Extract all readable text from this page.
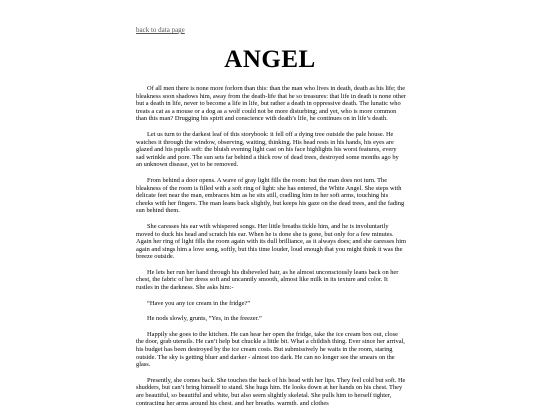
back to data page
ANGEL

Of all men there is none more forlorn than this: than the man who lives in death, death as his life; the bleakness soon shadows him, away from the death-life that he so treasures: that life in death is none other but a death in life, never to become a life in life, but rather a death in oppressive death. The lunatic who treats a cat as a mouse or a dog as a wolf could not be more disturbing; and yet, who is more common than this man? Drugging his spirit and conscience with death’s life, he continues on in life’s death.

Let us turn to the darkest leaf of this storybook: it fell off a dying tree outside the pale house. He watches it through the window, observing, waiting, thinking. His head rests in his hands, his eyes are glazed and his pupils soft: the bluish evening light cast on his face highlights his worst features, every sad wrinkle and pore. The sun sets far behind a thick row of dead trees, destroyed some months ago by an unknown disease, yet to be removed.

From behind a door opens. A wave of gray light fills the room: but the man does not turn. The bleakness of the room is filled with a soft ring of light: she has entered, the White Angel. She steps with delicate feet near the man, embraces him as he sits still, cradling him in her soft arms, touching his cheeks with her fingers. The man leans back slightly, but keeps his gaze on the dead trees, and the fading sun behind them.

She caresses his ear with whispered songs. Her little breaths tickle him, and he is involuntarily moved to duck his head and scratch his ear. When he is done she is gone, but only for a few minutes. Again her ring of light fills the room again with its dull brilliance, as it always does; and she caresses him again and sings him a love song, softly, but this time louder, loud enough that you might think it was the breeze outside.

He lets her run her hand through his disheveled hair, as he almost unconsciously leans back on her chest, the fabric of her dress soft and uncannily smooth, almost like milk in its texture and color. It rustles in the darkness. She asks him:-

“Have you any ice cream in the fridge?”

He nods slowly, grunts, “Yes, in the freezer.”

Happily she goes to the kitchen. He can hear her open the fridge, take the ice cream box out, close the door, grab utensils. He can’t help but chuckle a little bit. What a childish thing. Ever since her arrival, his budget has been destroyed by the ice cream costs. But submissively he waits in the room, staring outside. The sky is getting bluer and darker - almost too dark. He can no longer see the smears on the glass.

Presently, she comes back. She touches the back of his head with her lips. They feel cold but soft. He shudders, but can’t bring himself to stand. She hugs him. He looks down at her hands on his chest. They are beautiful, so beautiful and white, but also seem slightly skeletal. She pulls him to herself tighter, contracting her arms around his chest, and her breaths, warmth, and clothes
